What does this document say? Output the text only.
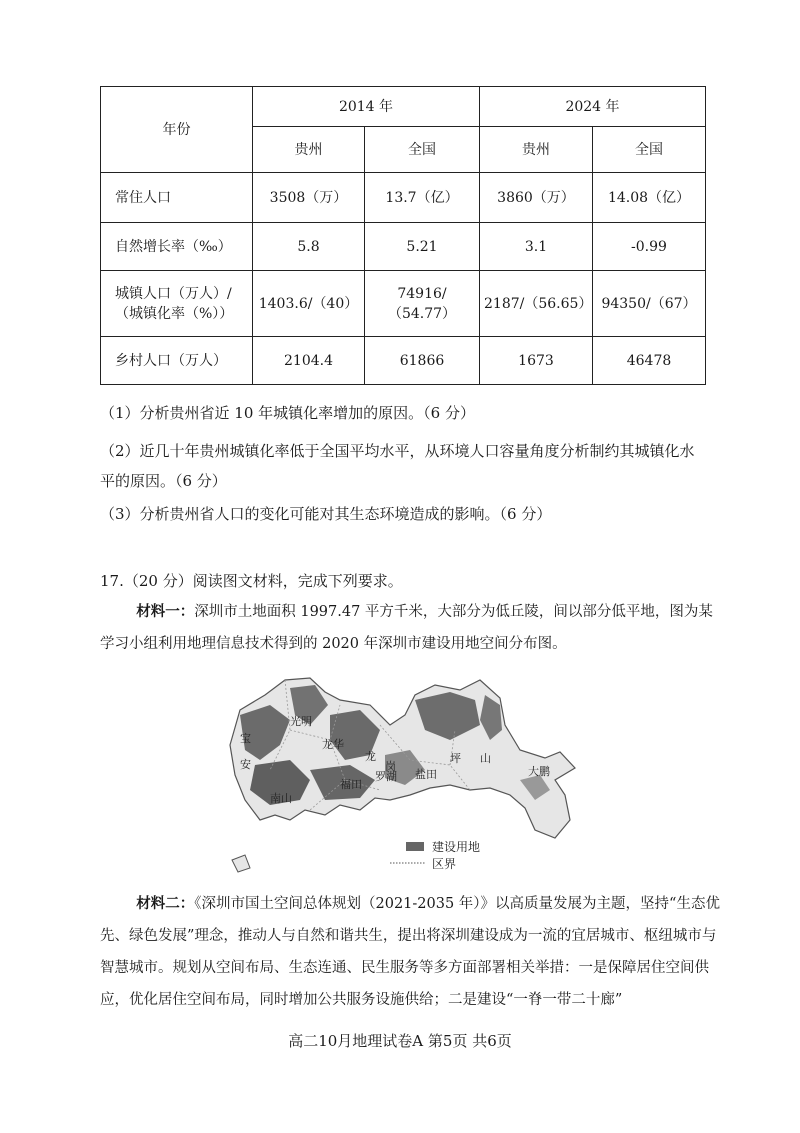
年份	2014 年		2024 年	
	贵州	全国	贵州	全国
常住人口	3508（万）	13.7（亿）	3860（万）	14.08（亿）
自然增长率（‰）	5.8	5.21	3.1	-0.99

城镇人口（万人）/
（城镇化率（%））	1403.6/（40）	74916/（54.77）	2187/（56.65）	94350/（67）
乡村人口（万人）	2104.4	61866	1673	46478
（1）分析贵州省近 10 年城镇化率增加的原因。（6 分）
（2）近几十年贵州城镇化率低于全国平均水平，从环境人口容量角度分析制约其城镇化水
平的原因。（6 分）
（3）分析贵州省人口的变化可能对其生态环境造成的影响。（6 分）
17.（20 分）阅读图文材料，完成下列要求。
材料一：深圳市土地面积 1997.47 平方千米，大部分为低丘陵，间以部分低平地，图为某学习小组利用地理信息技术得到的 2020 年深圳市建设用地空间分布图。
光明
龙华
宝
安
龙
岗
坪 山
大鹏
福田
罗湖 盐田
南山
建设用地
区界
材料二：《深圳市国土空间总体规划（2021-2035 年）》以高质量发展为主题，坚持“生态优先、绿色发展”理念，推动人与自然和谐共生，提出将深圳建设成为一流的宜居城市、枢纽城市与智慧城市。规划从空间布局、生态连通、民生服务等多方面部署相关举措：一是保障居住空间供应，优化居住空间布局，同时增加公共服务设施供给；二是建设“一脊一带二十廊”
高二10月地理试卷A 第5页 共6页
